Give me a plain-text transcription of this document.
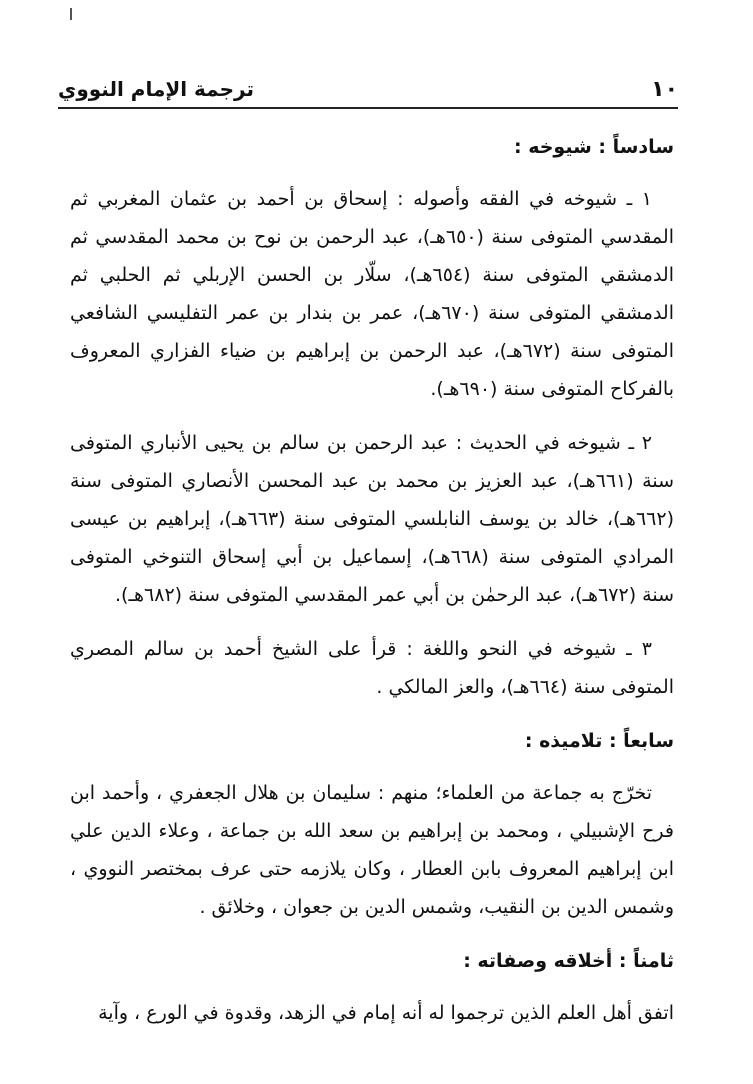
١٠
ترجمة الإمام النووي

سادساً : شيوخه :

١ ـ شيوخه في الفقه وأصوله : إسحاق بن أحمد بن عثمان المغربي ثم المقدسي المتوفى سنة (٦٥٠هـ)، عبد الرحمن بن نوح بن محمد المقدسي ثم الدمشقي المتوفى سنة (٦٥٤هـ)، سلّار بن الحسن الإربلي ثم الحلبي ثم الدمشقي المتوفى سنة (٦٧٠هـ)، عمر بن بندار بن عمر التفليسي الشافعي المتوفى سنة (٦٧٢هـ)، عبد الرحمن بن إبراهيم بن ضياء الفزاري المعروف بالفركاح المتوفى سنة (٦٩٠هـ).

٢ ـ شيوخه في الحديث : عبد الرحمن بن سالم بن يحيى الأنباري المتوفى سنة (٦٦١هـ)، عبد العزيز بن محمد بن عبد المحسن الأنصاري المتوفى سنة (٦٦٢هـ)، خالد بن يوسف النابلسي المتوفى سنة (٦٦٣هـ)، إبراهيم بن عيسى المرادي المتوفى سنة (٦٦٨هـ)، إسماعيل بن أبي إسحاق التنوخي المتوفى سنة (٦٧٢هـ)، عبد الرحمٰن بن أبي عمر المقدسي المتوفى سنة (٦٨٢هـ).

٣ ـ شيوخه في النحو واللغة : قرأ على الشيخ أحمد بن سالم المصري المتوفى سنة (٦٦٤هـ)، والعز المالكي .

سابعاً : تلاميذه :

تخرّج به جماعة من العلماء؛ منهم : سليمان بن هلال الجعفري ، وأحمد ابن فرح الإشبيلي ، ومحمد بن إبراهيم بن سعد الله بن جماعة ، وعلاء الدين علي ابن إبراهيم المعروف بابن العطار ، وكان يلازمه حتى عرف بمختصر النووي ، وشمس الدين بن النقيب، وشمس الدين بن جعوان ، وخلائق .

ثامناً : أخلاقه وصفاته :

اتفق أهل العلم الذين ترجموا له أنه إمام في الزهد، وقدوة في الورع ، وآية
